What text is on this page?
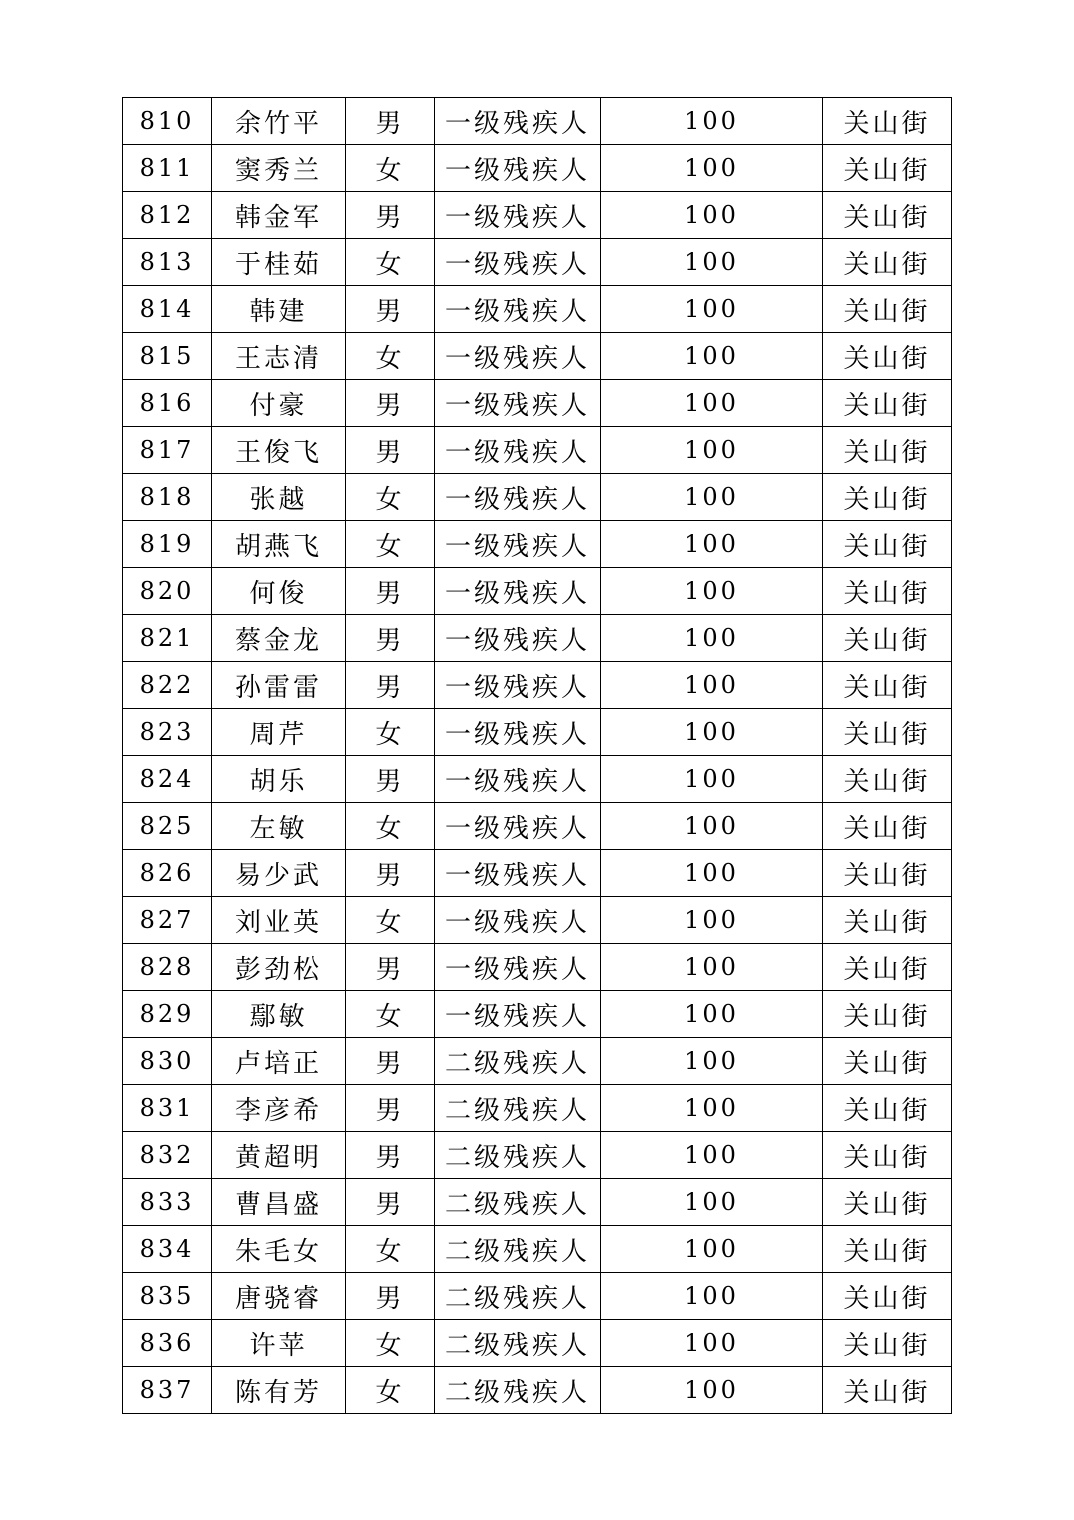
810	余竹平	男	一级残疾人	100	关山街
811	窦秀兰	女	一级残疾人	100	关山街
812	韩金军	男	一级残疾人	100	关山街
813	于桂茹	女	一级残疾人	100	关山街
814	韩建	男	一级残疾人	100	关山街
815	王志清	女	一级残疾人	100	关山街
816	付豪	男	一级残疾人	100	关山街
817	王俊飞	男	一级残疾人	100	关山街
818	张越	女	一级残疾人	100	关山街
819	胡燕飞	女	一级残疾人	100	关山街
820	何俊	男	一级残疾人	100	关山街
821	蔡金龙	男	一级残疾人	100	关山街
822	孙雷雷	男	一级残疾人	100	关山街
823	周芹	女	一级残疾人	100	关山街
824	胡乐	男	一级残疾人	100	关山街
825	左敏	女	一级残疾人	100	关山街
826	易少武	男	一级残疾人	100	关山街
827	刘业英	女	一级残疾人	100	关山街
828	彭劲松	男	一级残疾人	100	关山街
829	鄢敏	女	一级残疾人	100	关山街
830	卢培正	男	二级残疾人	100	关山街
831	李彦希	男	二级残疾人	100	关山街
832	黄超明	男	二级残疾人	100	关山街
833	曹昌盛	男	二级残疾人	100	关山街
834	朱毛女	女	二级残疾人	100	关山街
835	唐骁睿	男	二级残疾人	100	关山街
836	许苹	女	二级残疾人	100	关山街
837	陈有芳	女	二级残疾人	100	关山街
